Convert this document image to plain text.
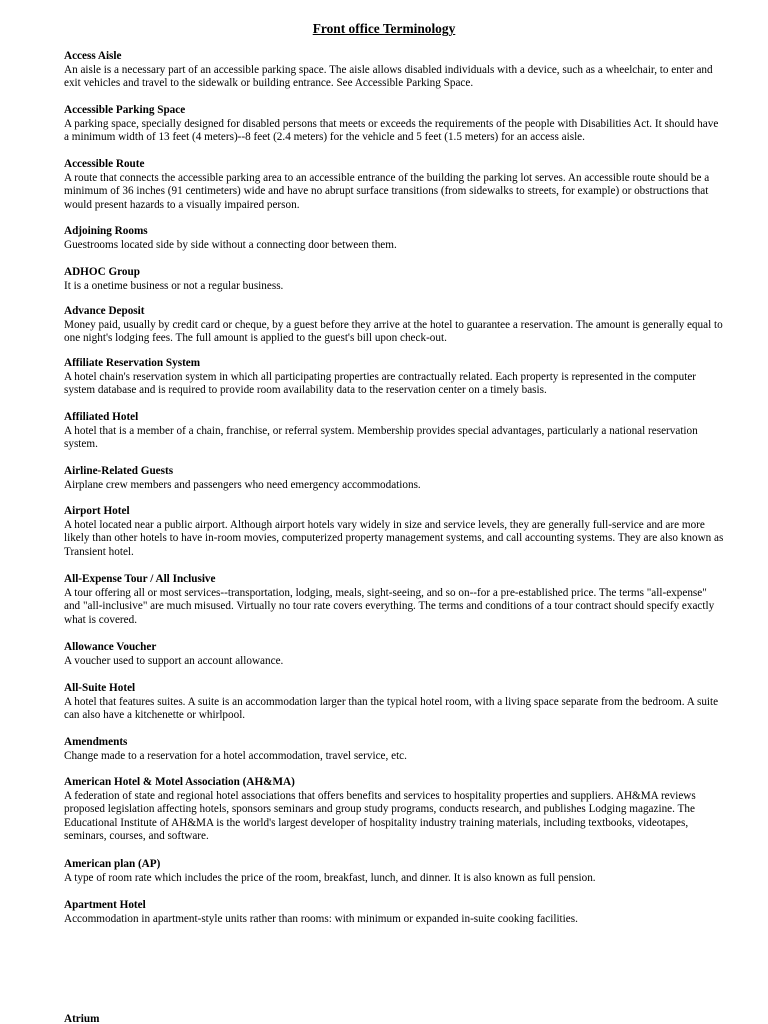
Front office Terminology
Access Aisle
An aisle is a necessary part of an accessible parking space. The aisle allows disabled individuals with a device, such as a wheelchair, to enter and exit vehicles and travel to the sidewalk or building entrance. See Accessible Parking Space.
Accessible Parking Space
A parking space, specially designed for disabled persons that meets or exceeds the requirements of the people with Disabilities Act. It should have a minimum width of 13 feet (4 meters)--8 feet (2.4 meters) for the vehicle and 5 feet (1.5 meters) for an access aisle.
Accessible Route
A route that connects the accessible parking area to an accessible entrance of the building the parking lot serves. An accessible route should be a minimum of 36 inches (91 centimeters) wide and have no abrupt surface transitions (from sidewalks to streets, for example) or obstructions that would present hazards to a visually impaired person.
Adjoining Rooms
Guestrooms located side by side without a connecting door between them.
ADHOC Group
It is a onetime business or not a regular business.
Advance Deposit
Money paid, usually by credit card or cheque, by a guest before they arrive at the hotel to guarantee a reservation. The amount is generally equal to one night's lodging fees. The full amount is applied to the guest's bill upon check-out.
Affiliate Reservation System
A hotel chain's reservation system in which all participating properties are contractually related. Each property is represented in the computer system database and is required to provide room availability data to the reservation center on a timely basis.
Affiliated Hotel
A hotel that is a member of a chain, franchise, or referral system. Membership provides special advantages, particularly a national reservation system.
Airline-Related Guests
Airplane crew members and passengers who need emergency accommodations.
Airport Hotel
A hotel located near a public airport. Although airport hotels vary widely in size and service levels, they are generally full-service and are more likely than other hotels to have in-room movies, computerized property management systems, and call accounting systems. They are also known as Transient hotel.
All-Expense Tour / All Inclusive
A tour offering all or most services--transportation, lodging, meals, sight-seeing, and so on--for a pre-established price. The terms "all-expense" and "all-inclusive" are much misused. Virtually no tour rate covers everything. The terms and conditions of a tour contract should specify exactly what is covered.
Allowance Voucher
A voucher used to support an account allowance.
All-Suite Hotel
A hotel that features suites. A suite is an accommodation larger than the typical hotel room, with a living space separate from the bedroom. A suite can also have a kitchenette or whirlpool.
Amendments
Change made to a reservation for a hotel accommodation, travel service, etc.
American Hotel & Motel Association (AH&MA)
A federation of state and regional hotel associations that offers benefits and services to hospitality properties and suppliers. AH&MA reviews proposed legislation affecting hotels, sponsors seminars and group study programs, conducts research, and publishes Lodging magazine. The Educational Institute of AH&MA is the world's largest developer of hospitality industry training materials, including textbooks, videotapes, seminars, courses, and software.
American plan (AP)
A type of room rate which includes the price of the room, breakfast, lunch, and dinner. It is also known as full pension.
Apartment Hotel
Accommodation in apartment-style units rather than rooms: with minimum or expanded in-suite cooking facilities.
Atrium
